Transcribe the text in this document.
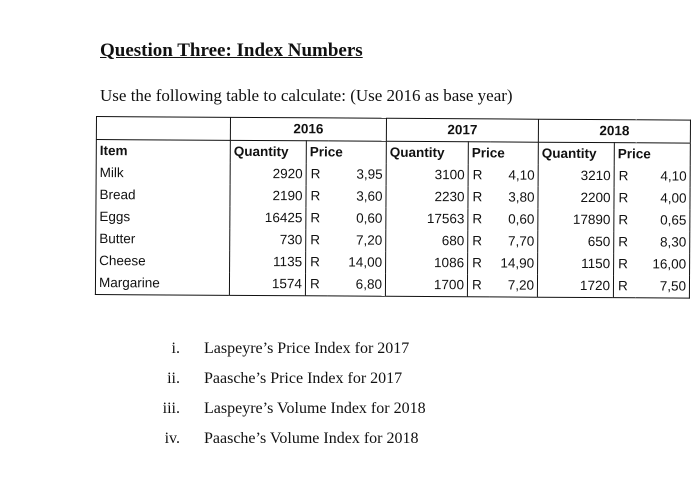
Question Three: Index Numbers
Use the following table to calculate: (Use 2016 as base year)
	2016			2017			2018		
Item	Quantity	Price		Quantity	Price		Quantity	Price	
Milk	2920	R	3,95	3100	R	4,10	3210	R	4,10
Bread	2190	R	3,60	2230	R	3,80	2200	R	4,00
Eggs	16425	R	0,60	17563	R	0,60	17890	R	0,65
Butter	730	R	7,20	680	R	7,70	650	R	8,30
Cheese	1135	R	14,00	1086	R	14,90	1150	R	16,00
Margarine	1574	R	6,80	1700	R	7,20	1720	R	7,50
i. Laspeyre’s Price Index for 2017
ii. Paasche’s Price Index for 2017
iii. Laspeyre’s Volume Index for 2018
iv. Paasche’s Volume Index for 2018
